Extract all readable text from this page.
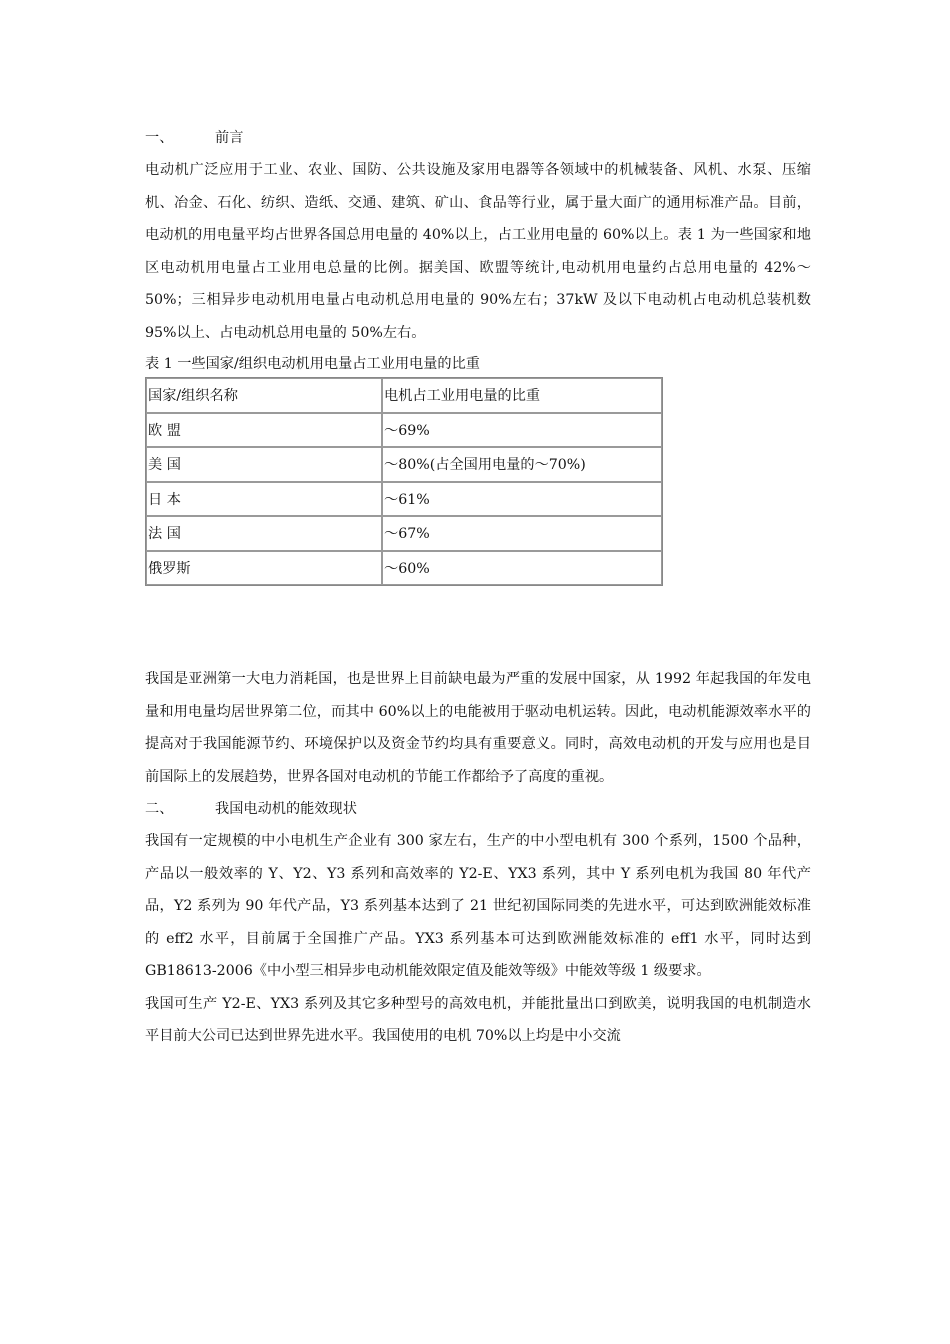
一、	前言

电动机广泛应用于工业、农业、国防、公共设施及家用电器等各领域中的机械装备、风机、水泵、压缩机、冶金、石化、纺织、造纸、交通、建筑、矿山、食品等行业，属于量大面广的通用标准产品。目前，电动机的用电量平均占世界各国总用电量的 40%以上，占工业用电量的 60%以上。表 1 为一些国家和地区电动机用电量占工业用电总量的比例。据美国、欧盟等统计,电动机用电量约占总用电量的 42%～50%；三相异步电动机用电量占电动机总用电量的 90%左右；37kW 及以下电动机占电动机总装机数 95%以上、占电动机总用电量的 50%左右。

表 1 一些国家/组织电动机用电量占工业用电量的比重
国家/组织名称	电机占工业用电量的比重
欧 盟	～69%
美 国	～80%(占全国用电量的～70%)
日 本	～61%
法 国	～67%
俄罗斯	～60%

我国是亚洲第一大电力消耗国，也是世界上目前缺电最为严重的发展中国家，从 1992 年起我国的年发电量和用电量均居世界第二位，而其中 60%以上的电能被用于驱动电机运转。因此，电动机能源效率水平的提高对于我国能源节约、环境保护以及资金节约均具有重要意义。同时，高效电动机的开发与应用也是目前国际上的发展趋势，世界各国对电动机的节能工作都给予了高度的重视。

二、	我国电动机的能效现状

我国有一定规模的中小电机生产企业有 300 家左右，生产的中小型电机有 300 个系列，1500 个品种，产品以一般效率的 Y、Y2、Y3 系列和高效率的 Y2-E、YX3 系列，其中 Y 系列电机为我国 80 年代产品，Y2 系列为 90 年代产品，Y3 系列基本达到了 21 世纪初国际同类的先进水平，可达到欧洲能效标准的 eff2 水平，目前属于全国推广产品。YX3 系列基本可达到欧洲能效标准的 eff1 水平，同时达到 GB18613-2006《中小型三相异步电动机能效限定值及能效等级》中能效等级 1 级要求。

我国可生产 Y2-E、YX3 系列及其它多种型号的高效电机，并能批量出口到欧美，说明我国的电机制造水平目前大公司已达到世界先进水平。我国使用的电机 70%以上均是中小交流
